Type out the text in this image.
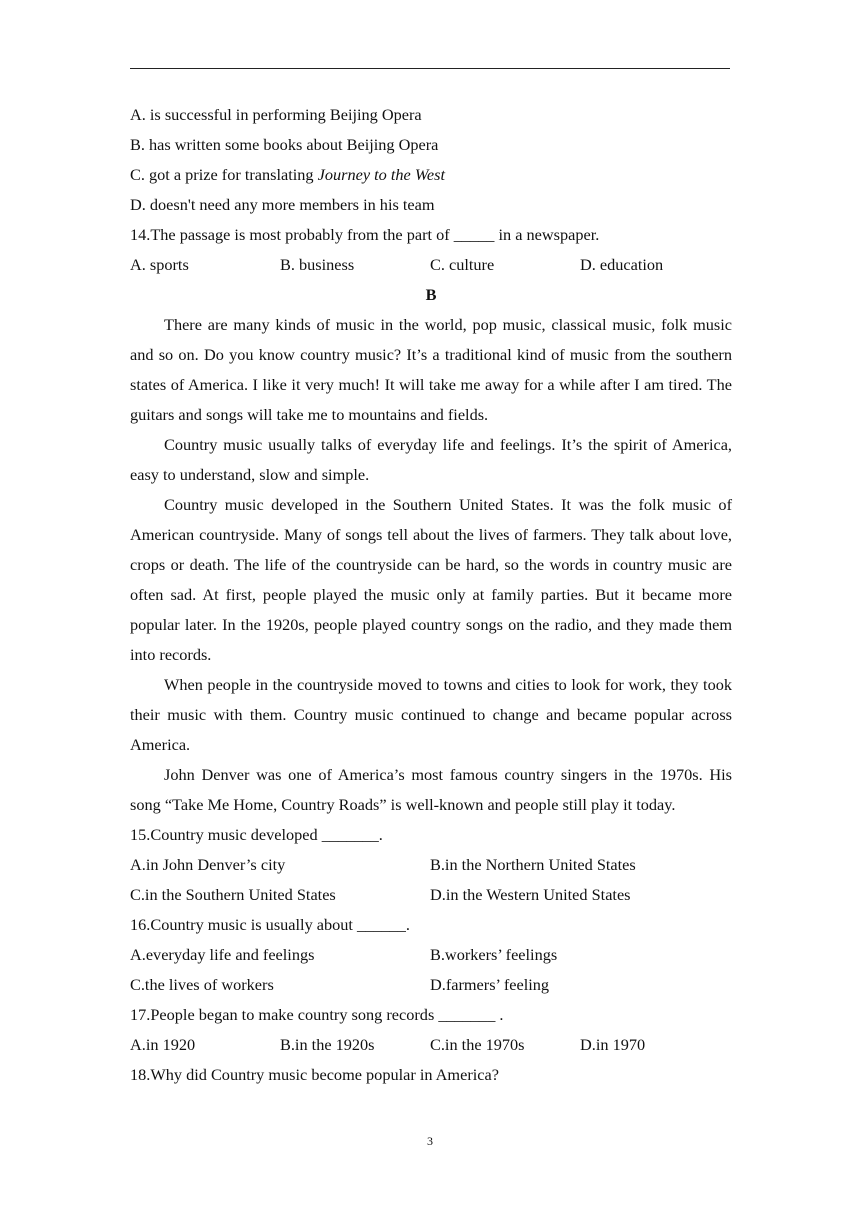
A. is successful in performing Beijing Opera
B. has written some books about Beijing Opera
C. got a prize for translating Journey to the West
D. doesn't need any more members in his team
14.The passage is most probably from the part of _____ in a newspaper.
A. sports	B. business	C. culture	D. education
B

There are many kinds of music in the world, pop music, classical music, folk music and so on. Do you know country music? It’s a traditional kind of music from the southern states of America. I like it very much! It will take me away for a while after I am tired. The guitars and songs will take me to mountains and fields.

Country music usually talks of everyday life and feelings. It’s the spirit of America, easy to understand, slow and simple.

Country music developed in the Southern United States. It was the folk music of American countryside. Many of songs tell about the lives of farmers. They talk about love, crops or death. The life of the countryside can be hard, so the words in country music are often sad. At first, people played the music only at family parties. But it became more popular later. In the 1920s, people played country songs on the radio, and they made them into records.

When people in the countryside moved to towns and cities to look for work, they took their music with them. Country music continued to change and became popular across America.

John Denver was one of America’s most famous country singers in the 1970s. His song “Take Me Home, Country Roads” is well-known and people still play it today.

15.Country music developed _______.
A.in John Denver’s city	B.in the Northern United States
C.in the Southern United States	D.in the Western United States
16.Country music is usually about ______.
A.everyday life and feelings	B.workers’ feelings
C.the lives of workers	D.farmers’ feeling
17.People began to make country song records _______ .
A.in 1920	B.in the 1920s	C.in the 1970s	D.in 1970
18.Why did Country music become popular in America?
3
